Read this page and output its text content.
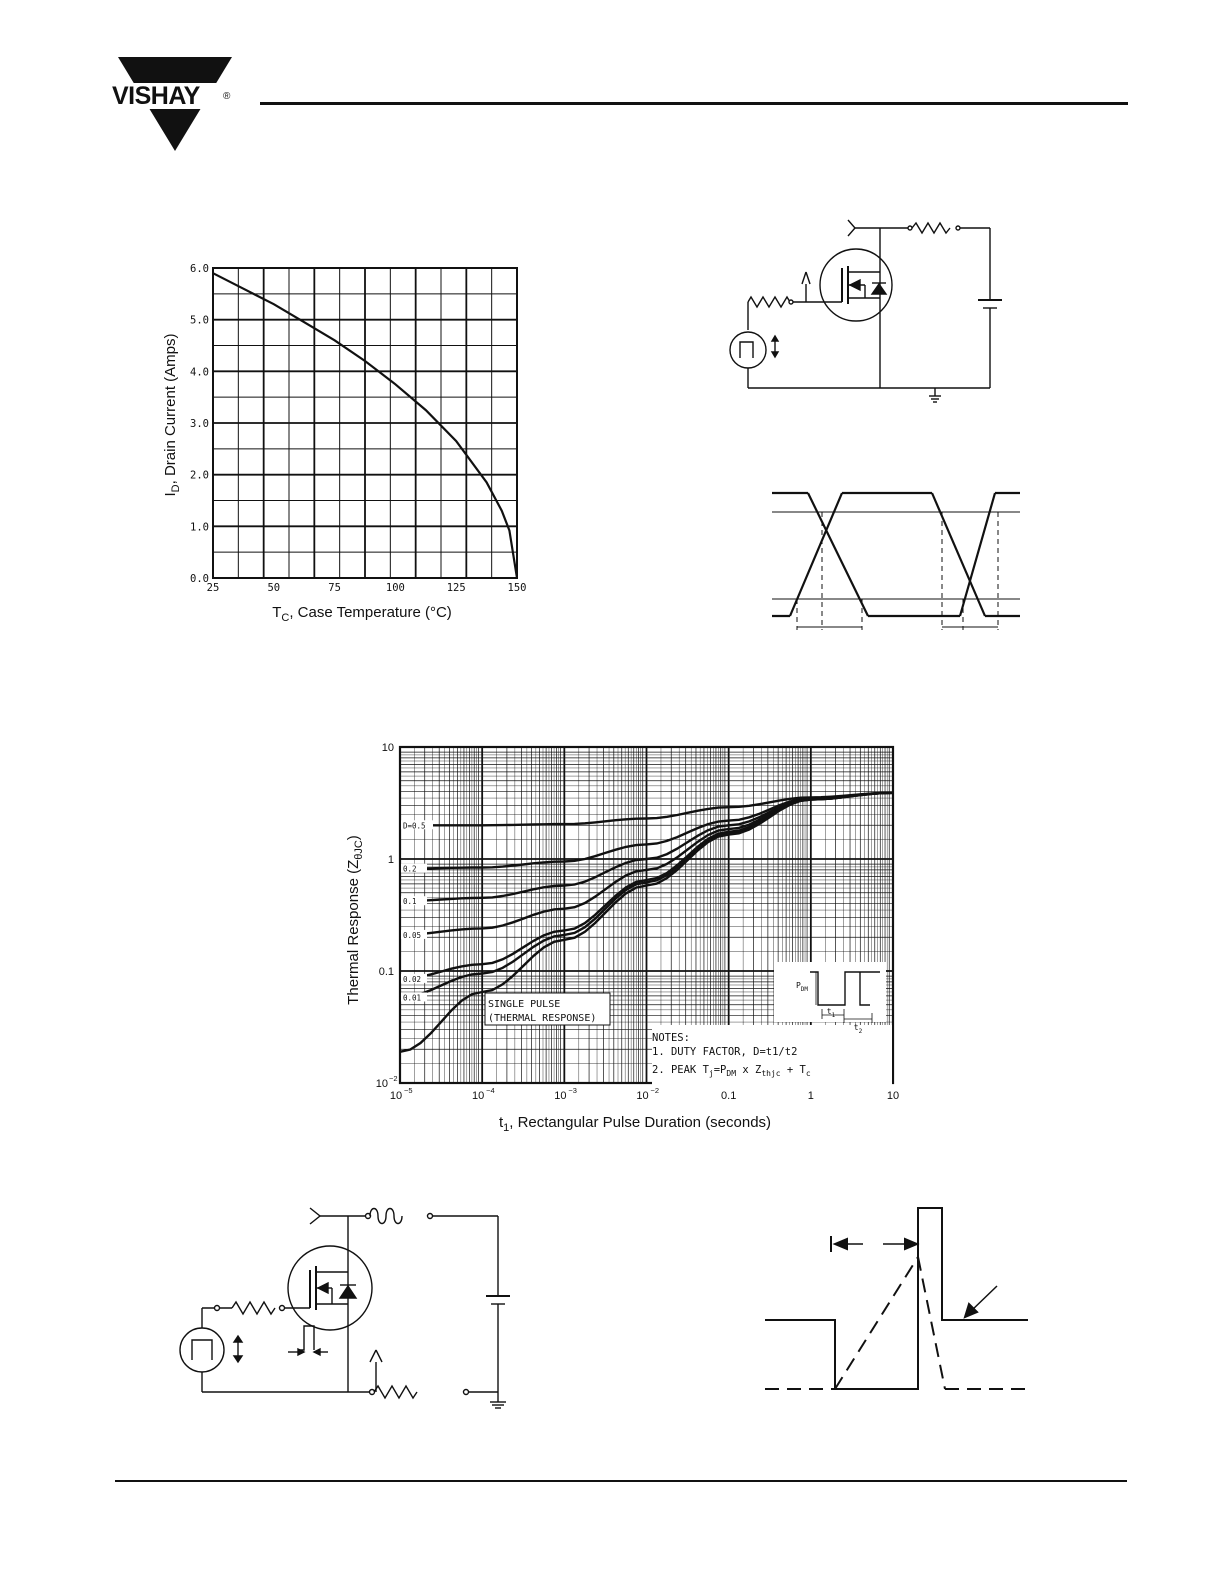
VISHAY ®
25	50	75	100	125	150
0.0
1.0
2.0
3.0
4.0
5.0
6.0
$I_D$, Drain Current (Amps)
$T_C$, Case Temperature (°C)
10
1
0.1
10 −2
10 −5	10 −4	10 −3	10 −2	0.1	1	10
D=0.5
0.2
0.1
0.05
0.02
0.01
$P_{DM}$
$t_1$
$t_2$
NOTES:
1. DUTY FACTOR, D=t1/t2
2. PEAK $T_j=P_{DM}$ x $Z_{thjc} + T_c$
SINGLE PULSE
(THERMAL RESPONSE)
Thermal Response $(Z_{\theta JC})$
$t_1$, Rectangular Pulse Duration (seconds)
